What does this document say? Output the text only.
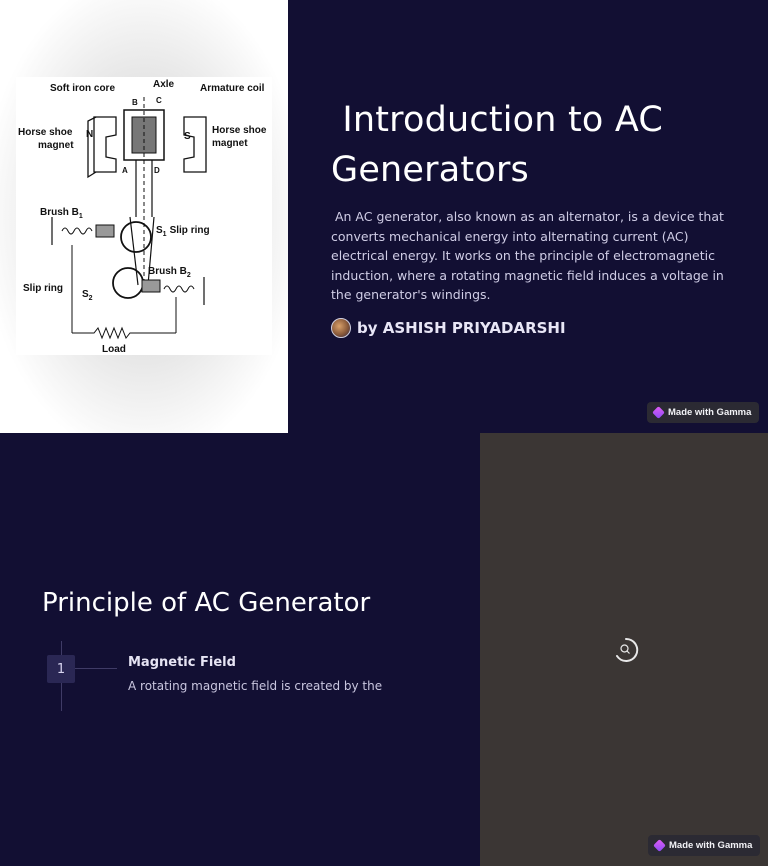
Soft iron core	Axle	Armature coil
Horse shoe
magnet
Horse shoe
magnet
N	S
B C
A	D
Brush $B_1$
$S_1$ Slip ring
Brush $B_2$
Slip ring
$S_2$
Load
Introduction to AC Generators

An AC generator, also known as an alternator, is a device that converts mechanical energy into alternating current (AC) electrical energy. It works on the principle of electromagnetic induction, where a rotating magnetic field induces a voltage in the generator's windings.

by ASHISH PRIYADARSHI
Made with Gamma
Principle of AC Generator
1	Magnetic Field
A rotating magnetic field is created by the
Made with Gamma
